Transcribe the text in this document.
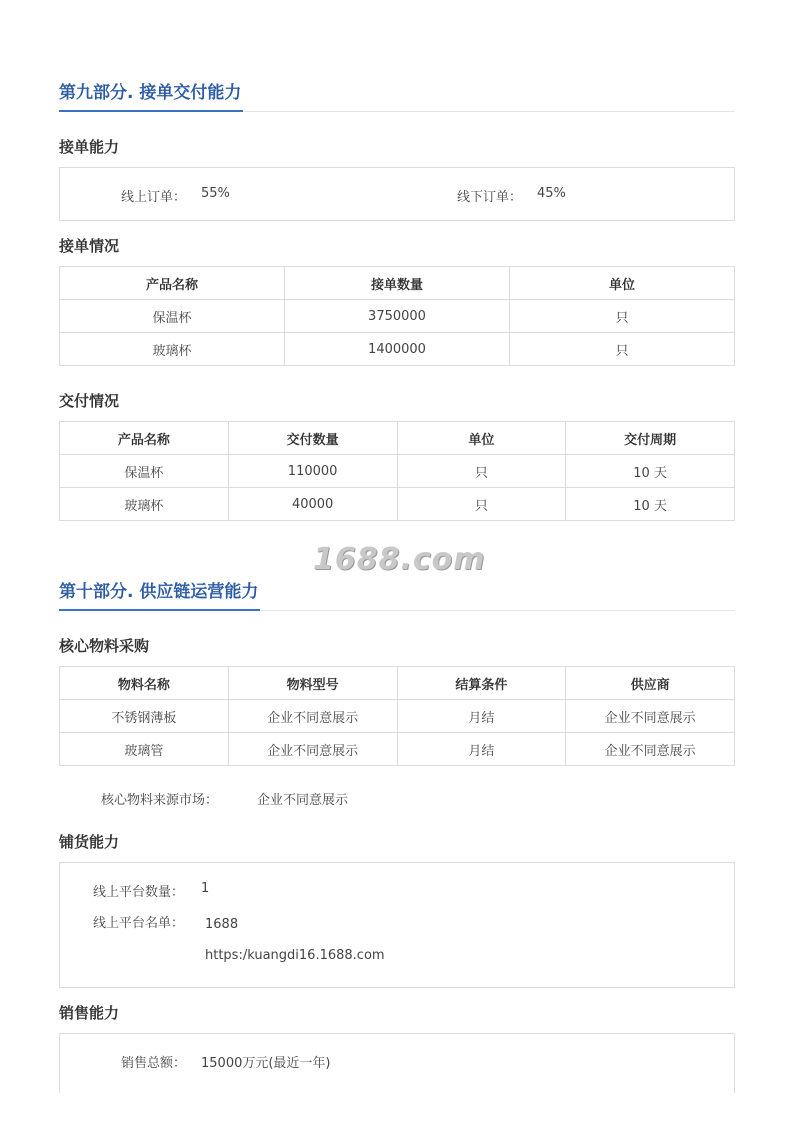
第九部分. 接单交付能力
接单能力
线上订单： 55%	线下订单： 45%
接单情况
产品名称	接单数量	单位
保温杯	3750000	只
玻璃杯	1400000	只
交付情况
产品名称	交付数量	单位	交付周期
保温杯	110000	只	10 天
玻璃杯	40000	只	10 天
1688.com
第十部分. 供应链运营能力
核心物料采购
物料名称	物料型号	结算条件	供应商
不锈钢薄板	企业不同意展示	月结	企业不同意展示
玻璃管	企业不同意展示	月结	企业不同意展示
核心物料来源市场：	企业不同意展示
铺货能力
线上平台数量： 1
线上平台名单： 1688
https:/kuangdi16.1688.com
销售能力
销售总额： 15000万元(最近一年)
